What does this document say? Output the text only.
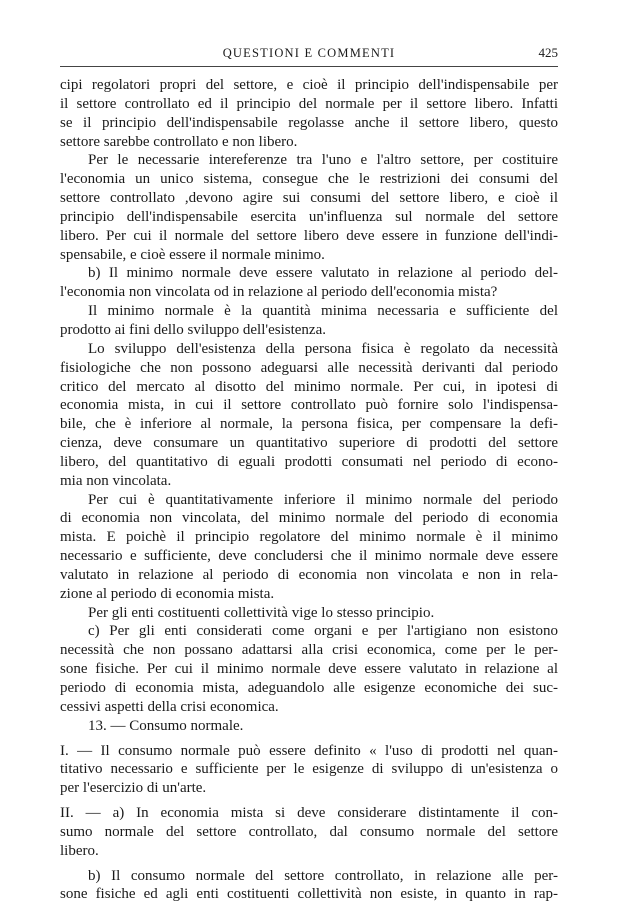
QUESTIONI E COMMENTI	425
cipi regolatori propri del settore, e cioè il principio dell'indispensabile per
il settore controllato ed il principio del normale per il settore libero. Infatti
se il principio dell'indispensabile regolasse anche il settore libero, questo
settore sarebbe controllato e non libero.
Per le necessarie intereferenze tra l'uno e l'altro settore, per costituire
l'economia un unico sistema, consegue che le restrizioni dei consumi del
settore controllato ,devono agire sui consumi del settore libero, e cioè il
principio dell'indispensabile esercita un'influenza sul normale del settore
libero. Per cui il normale del settore libero deve essere in funzione dell'indi-
spensabile, e cioè essere il normale minimo.
b) Il minimo normale deve essere valutato in relazione al periodo del-
l'economia non vincolata od in relazione al periodo dell'economia mista?
Il minimo normale è la quantità minima necessaria e sufficiente del
prodotto ai fini dello sviluppo dell'esistenza.
Lo sviluppo dell'esistenza della persona fisica è regolato da necessità
fisiologiche che non possono adeguarsi alle necessità derivanti dal periodo
critico del mercato al disotto del minimo normale. Per cui, in ipotesi di
economia mista, in cui il settore controllato può fornire solo l'indispensa-
bile, che è inferiore al normale, la persona fisica, per compensare la defi-
cienza, deve consumare un quantitativo superiore di prodotti del settore
libero, del quantitativo di eguali prodotti consumati nel periodo di econo-
mia non vincolata.
Per cui è quantitativamente inferiore il minimo normale del periodo
di economia non vincolata, del minimo normale del periodo di economia
mista. E poichè il principio regolatore del minimo normale è il minimo
necessario e sufficiente, deve concludersi che il minimo normale deve essere
valutato in relazione al periodo di economia non vincolata e non in rela-
zione al periodo di economia mista.
Per gli enti costituenti collettività vige lo stesso principio.
c) Per gli enti considerati come organi e per l'artigiano non esistono
necessità che non possano adattarsi alla crisi economica, come per le per-
sone fisiche. Per cui il minimo normale deve essere valutato in relazione al
periodo di economia mista, adeguandolo alle esigenze economiche dei suc-
cessivi aspetti della crisi economica.
13. — Consumo normale.
I. — Il consumo normale può essere definito « l'uso di prodotti nel quan-
titativo necessario e sufficiente per le esigenze di sviluppo di un'esistenza o
per l'esercizio di un'arte.
II. — a) In economia mista si deve considerare distintamente il con-
sumo normale del settore controllato, dal consumo normale del settore
libero.
b) Il consumo normale del settore controllato, in relazione alle per-
sone fisiche ed agli enti costituenti collettività non esiste, in quanto in rap-
